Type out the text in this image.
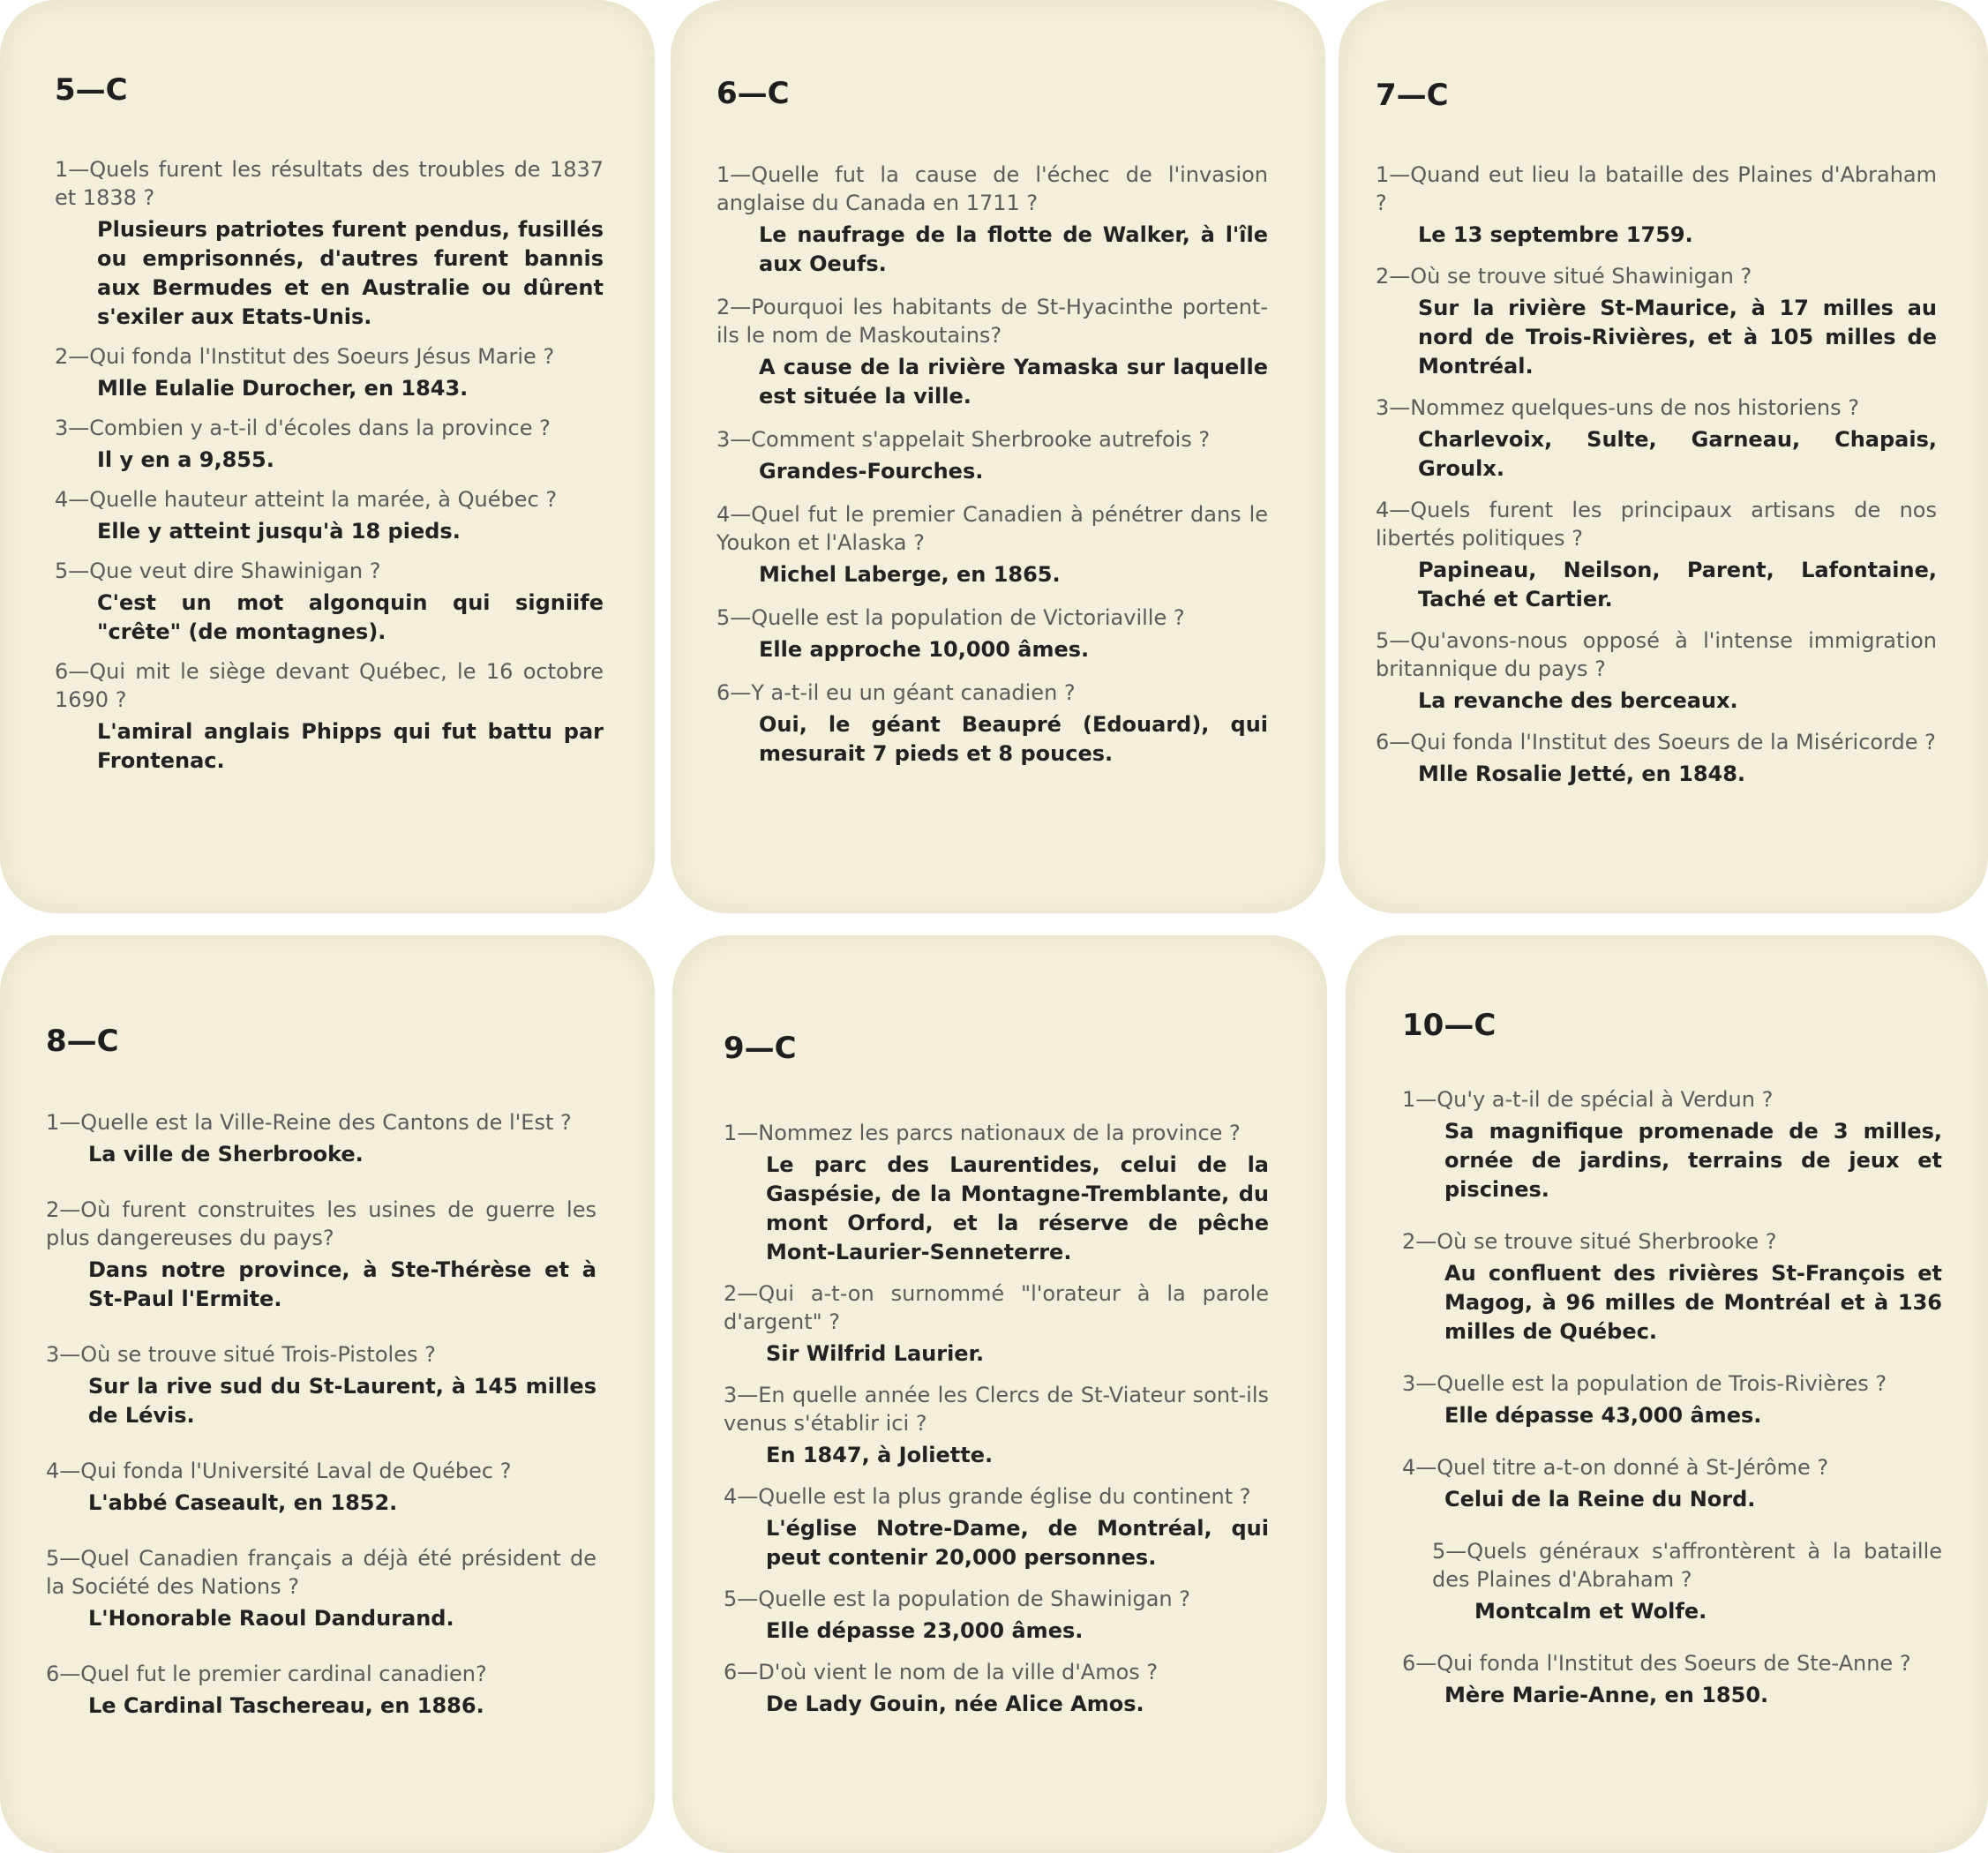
5—C
1—Quels furent les résultats des troubles de 1837 et 1838 ?
Plusieurs patriotes furent pendus, fusillés ou emprisonnés, d'autres furent bannis aux Bermudes et en Australie ou dûrent s'exiler aux Etats-Unis.
2—Qui fonda l'Institut des Soeurs Jésus Marie ?
Mlle Eulalie Durocher, en 1843.
3—Combien y a-t-il d'écoles dans la province ?
Il y en a 9,855.
4—Quelle hauteur atteint la marée, à Québec ?
Elle y atteint jusqu'à 18 pieds.
5—Que veut dire Shawinigan ?
C'est un mot algonquin qui signiife "crête" (de montagnes).
6—Qui mit le siège devant Québec, le 16 octobre 1690 ?
L'amiral anglais Phipps qui fut battu par Frontenac.
6—C
1—Quelle fut la cause de l'échec de l'invasion anglaise du Canada en 1711 ?
Le naufrage de la flotte de Walker, à l'île aux Oeufs.
2—Pourquoi les habitants de St-Hyacinthe portent-ils le nom de Maskoutains?
A cause de la rivière Yamaska sur laquelle est située la ville.
3—Comment s'appelait Sherbrooke autrefois ?
Grandes-Fourches.
4—Quel fut le premier Canadien à pénétrer dans le Youkon et l'Alaska ?
Michel Laberge, en 1865.
5—Quelle est la population de Victoriaville ?
Elle approche 10,000 âmes.
6—Y a-t-il eu un géant canadien ?
Oui, le géant Beaupré (Edouard), qui mesurait 7 pieds et 8 pouces.
7—C
1—Quand eut lieu la bataille des Plaines d'Abraham ?
Le 13 septembre 1759.
2—Où se trouve situé Shawinigan ?
Sur la rivière St-Maurice, à 17 milles au nord de Trois-Rivières, et à 105 milles de Montréal.
3—Nommez quelques-uns de nos historiens ?
Charlevoix, Sulte, Garneau, Chapais, Groulx.
4—Quels furent les principaux artisans de nos libertés politiques ?
Papineau, Neilson, Parent, Lafontaine, Taché et Cartier.
5—Qu'avons-nous opposé à l'intense immigration britannique du pays ?
La revanche des berceaux.
6—Qui fonda l'Institut des Soeurs de la Miséricorde ?
Mlle Rosalie Jetté, en 1848.
8—C
1—Quelle est la Ville-Reine des Cantons de l'Est ?
La ville de Sherbrooke.
2—Où furent construites les usines de guerre les plus dangereuses du pays?
Dans notre province, à Ste-Thérèse et à St-Paul l'Ermite.
3—Où se trouve situé Trois-Pistoles ?
Sur la rive sud du St-Laurent, à 145 milles de Lévis.
4—Qui fonda l'Université Laval de Québec ?
L'abbé Caseault, en 1852.
5—Quel Canadien français a déjà été président de la Société des Nations ?
L'Honorable Raoul Dandurand.
6—Quel fut le premier cardinal canadien?
Le Cardinal Taschereau, en 1886.
9—C
1—Nommez les parcs nationaux de la province ?
Le parc des Laurentides, celui de la Gaspésie, de la Montagne-Tremblante, du mont Orford, et la réserve de pêche Mont-Laurier-Senneterre.
2—Qui a-t-on surnommé "l'orateur à la parole d'argent" ?
Sir Wilfrid Laurier.
3—En quelle année les Clercs de St-Viateur sont-ils venus s'établir ici ?
En 1847, à Joliette.
4—Quelle est la plus grande église du continent ?
L'église Notre-Dame, de Montréal, qui peut contenir 20,000 personnes.
5—Quelle est la population de Shawinigan ?
Elle dépasse 23,000 âmes.
6—D'où vient le nom de la ville d'Amos ?
De Lady Gouin, née Alice Amos.
10—C
1—Qu'y a-t-il de spécial à Verdun ?
Sa magnifique promenade de 3 milles, ornée de jardins, terrains de jeux et piscines.
2—Où se trouve situé Sherbrooke ?
Au confluent des rivières St-François et Magog, à 96 milles de Montréal et à 136 milles de Québec.
3—Quelle est la population de Trois-Rivières ?
Elle dépasse 43,000 âmes.
4—Quel titre a-t-on donné à St-Jérôme ?
Celui de la Reine du Nord.
5—Quels généraux s'affrontèrent à la bataille des Plaines d'Abraham ?
Montcalm et Wolfe.
6—Qui fonda l'Institut des Soeurs de Ste-Anne ?
Mère Marie-Anne, en 1850.
